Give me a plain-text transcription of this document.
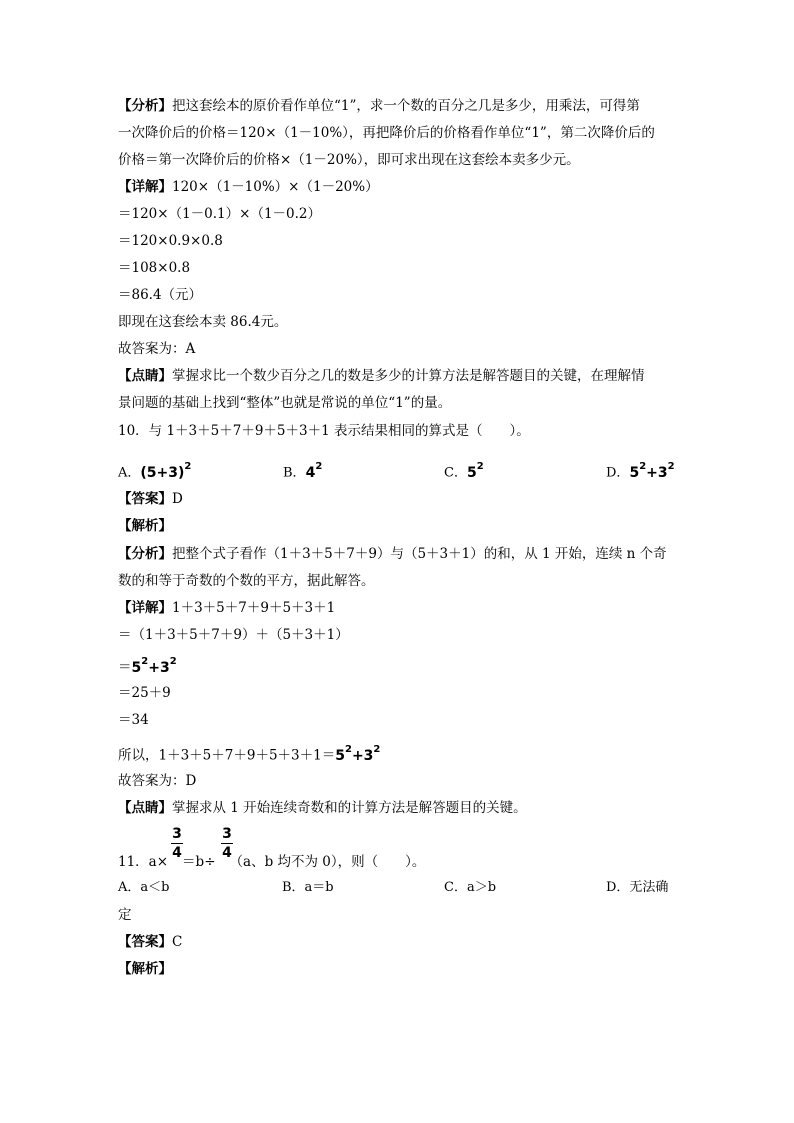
【分析】把这套绘本的原价看作单位“1”，求一个数的百分之几是多少，用乘法，可得第
一次降价后的价格＝120×（1－10%），再把降价后的价格看作单位“1”，第二次降价后的
价格＝第一次降价后的价格×（1－20%），即可求出现在这套绘本卖多少元。
【详解】120×（1－10%）×（1－20%）
＝120×（1－0.1）×（1－0.2）
＝120×0.9×0.8
＝108×0.8
＝86.4（元）
即现在这套绘本卖 86.4元。
故答案为：A
【点睛】掌握求比一个数少百分之几的数是多少的计算方法是解答题目的关键，在理解情
景问题的基础上找到“整体”也就是常说的单位“1”的量。
10．与 1＋3＋5＋7＋9＋5＋3＋1 表示结果相同的算式是（　　）。
A．$(5+3)^2$	B．$4^2$	C．$5^2$	D．$5^2+3^2$
【答案】D
【解析】
【分析】把整个式子看作（1＋3＋5＋7＋9）与（5＋3＋1）的和，从 1 开始，连续 n 个奇
数的和等于奇数的个数的平方，据此解答。
【详解】1＋3＋5＋7＋9＋5＋3＋1
＝（1＋3＋5＋7＋9）＋（5＋3＋1）
$=5^2+3^2$
＝25＋9
＝34
所以，$1+3+5+7+9+5+3+1=5^2+3^2$
故答案为：D
【点睛】掌握求从 1 开始连续奇数和的计算方法是解答题目的关键。
3
4
3
4
11．a× ＝b÷ （a、b 均不为 0），则（　　）。
A．a＜b	B．a＝b	C．a＞b	D．无法确
定
【答案】C
【解析】
